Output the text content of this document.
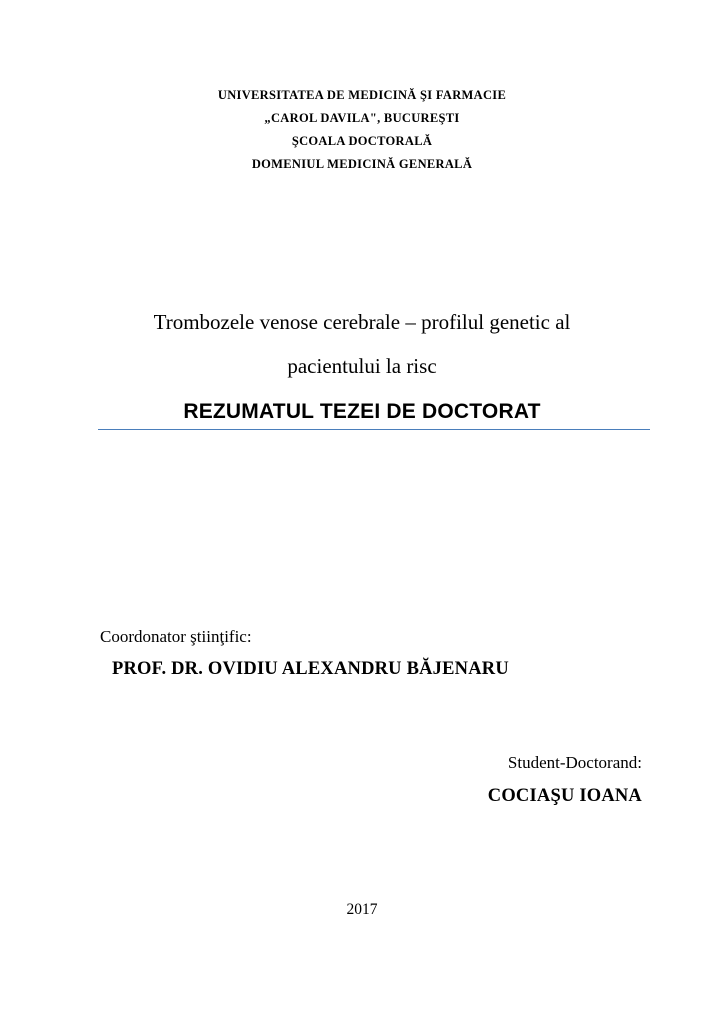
UNIVERSITATEA DE MEDICINĂ ŞI FARMACIE
„CAROL DAVILA", BUCUREŞTI
ŞCOALA DOCTORALĂ
DOMENIUL MEDICINĂ GENERALĂ
Trombozele venose cerebrale – profilul genetic al
pacientului la risc
REZUMATUL TEZEI DE DOCTORAT
Coordonator ştiinţific:
PROF. DR. OVIDIU ALEXANDRU BĂJENARU
Student-Doctorand:
COCIAŞU IOANA
2017
